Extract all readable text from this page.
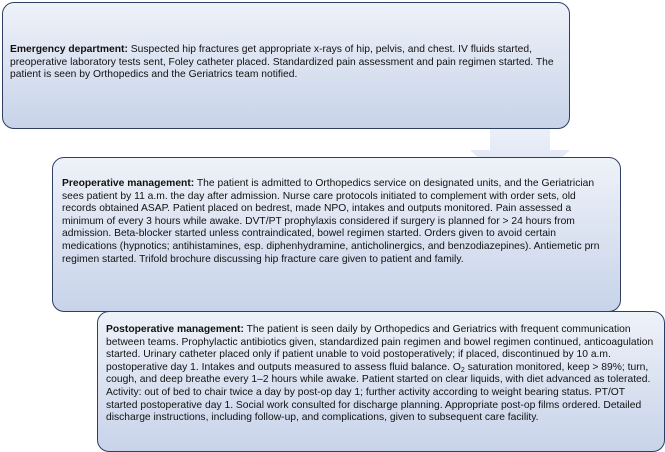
Emergency department: Suspected hip fractures get appropriate x-rays of hip, pelvis, and chest. IV fluids started, preoperative laboratory tests sent, Foley catheter placed. Standardized pain assessment and pain regimen started. The patient is seen by Orthopedics and the Geriatrics team notified.
Preoperative management: The patient is admitted to Orthopedics service on designated units, and the Geriatrician sees patient by 11 a.m. the day after admission. Nurse care protocols initiated to complement with order sets, old records obtained ASAP. Patient placed on bedrest, made NPO, intakes and outputs monitored. Pain assessed a minimum of every 3 hours while awake. DVT/PT prophylaxis considered if surgery is planned for > 24 hours from admission. Beta-blocker started unless contraindicated, bowel regimen started. Orders given to avoid certain medications (hypnotics; antihistamines, esp. diphenhydramine, anticholinergics, and benzodiazepines). Antiemetic prn regimen started. Trifold brochure discussing hip fracture care given to patient and family.
Postoperative management: The patient is seen daily by Orthopedics and Geriatrics with frequent communication between teams. Prophylactic antibiotics given, standardized pain regimen and bowel regimen continued, anticoagulation started. Urinary catheter placed only if patient unable to void postoperatively; if placed, discontinued by 10 a.m. postoperative day 1. Intakes and outputs measured to assess fluid balance. $O_2$ saturation monitored, keep > 89%; turn, cough, and deep breathe every 1–2 hours while awake. Patient started on clear liquids, with diet advanced as tolerated. Activity: out of bed to chair twice a day by post-op day 1; further activity according to weight bearing status. PT/OT started postoperative day 1. Social work consulted for discharge planning. Appropriate post-op films ordered. Detailed discharge instructions, including follow-up, and complications, given to subsequent care facility.
